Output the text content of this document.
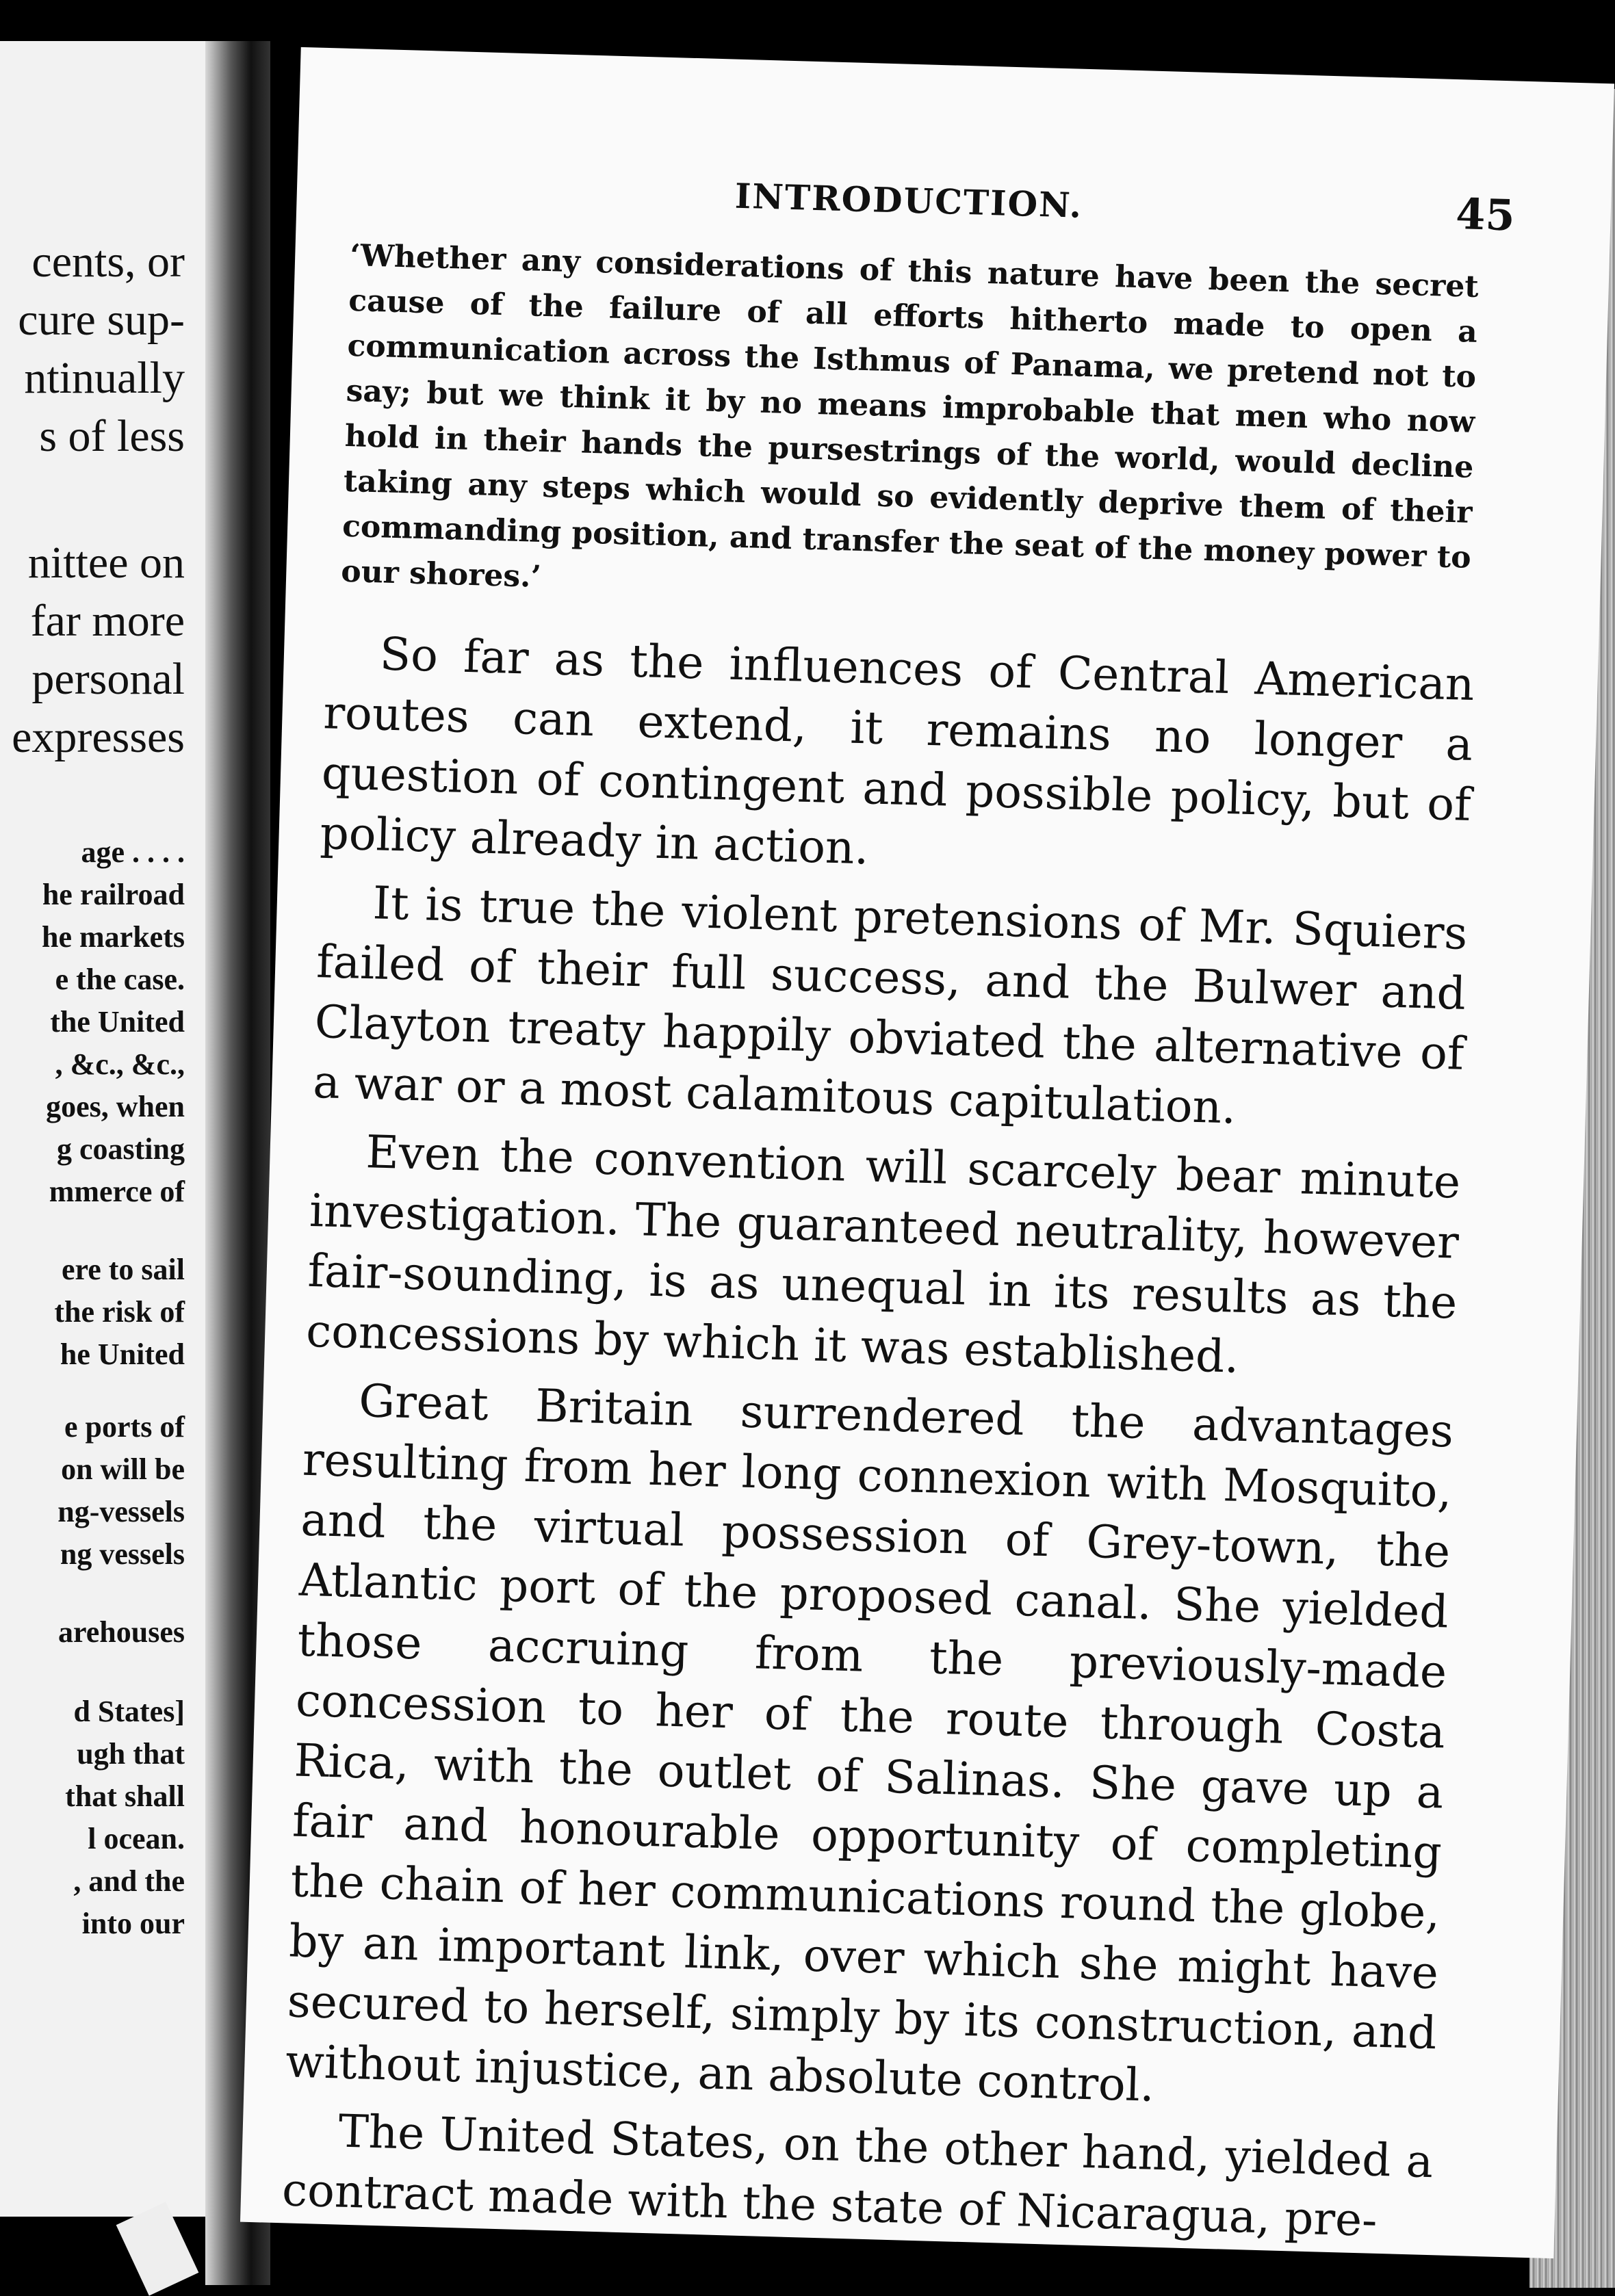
cents, or
cure sup-
ntinually
s of less
nittee on
far more
personal
expresses
age . . . .
he railroad
he markets
e the case.
the United
, &c., &c.,
goes, when
g coasting
mmerce of
ere to sail
the risk of
he United
e ports of
on will be
ng-vessels
ng vessels
arehouses
d States]
ugh that
that shall
l ocean.
, and the
into our
INTRODUCTION.	45
‘Whether any considerations of this nature have been the secret cause of the failure of all efforts hitherto made to open a communication across the Isthmus of Panama, we pretend not to say; but we think it by no means improbable that men who now hold in their hands the pursestrings of the world, would decline taking any steps which would so evidently deprive them of their commanding position, and transfer the seat of the money power to our shores.’

So far as the influences of Central American routes can extend, it remains no longer a question of contingent and possible policy, but of policy already in action.

It is true the violent pretensions of Mr. Squiers failed of their full success, and the Bulwer and Clayton treaty happily obviated the alternative of a war or a most calamitous capitulation.

Even the convention will scarcely bear minute investigation. The guaranteed neutrality, however fair-sounding, is as unequal in its results as the concessions by which it was established.

Great Britain surrendered the advantages resulting from her long connexion with Mosquito, and the virtual possession of Grey-town, the Atlantic port of the proposed canal. She yielded those accruing from the previously-made concession to her of the route through Costa Rica, with the outlet of Salinas. She gave up a fair and honourable opportunity of completing the chain of her communications round the globe, by an important link, over which she might have secured to herself, simply by its construction, and without injustice, an absolute control.

The United States, on the other hand, yielded a contract made with the state of Nicaragua, pre-
